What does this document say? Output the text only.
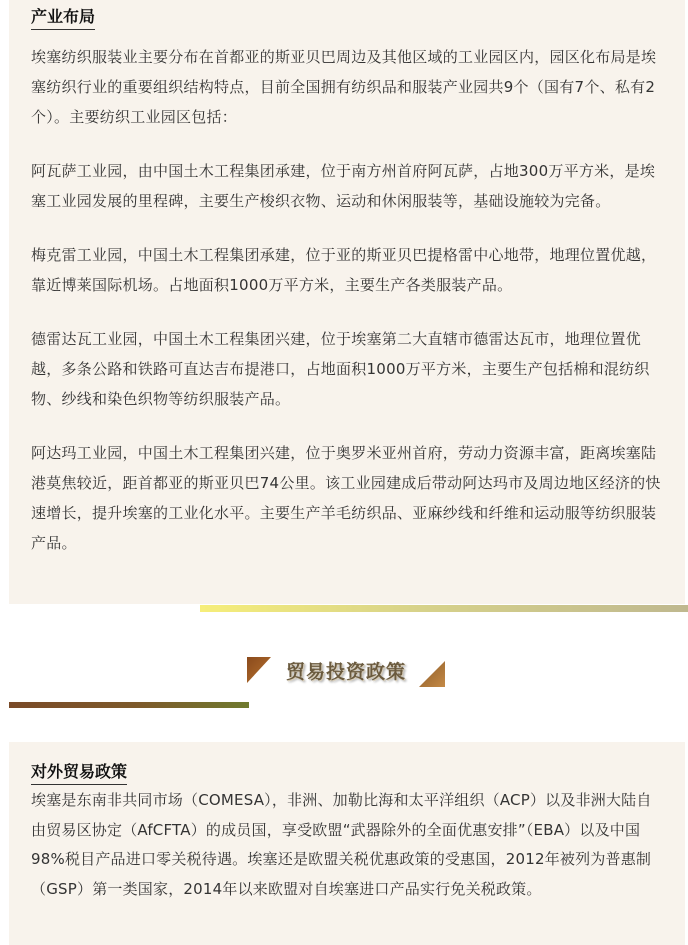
产业布局

埃塞纺织服装业主要分布在首都亚的斯亚贝巴周边及其他区域的工业园区内，园区化布局是埃塞纺织行业的重要组织结构特点，目前全国拥有纺织品和服装产业园共9个（国有7个、私有2个）。主要纺织工业园区包括：

阿瓦萨工业园，由中国土木工程集团承建，位于南方州首府阿瓦萨，占地300万平方米，是埃塞工业园发展的里程碑，主要生产梭织衣物、运动和休闲服装等，基础设施较为完备。

梅克雷工业园，中国土木工程集团承建，位于亚的斯亚贝巴提格雷中心地带，地理位置优越，靠近博莱国际机场。占地面积1000万平方米，主要生产各类服装产品。

德雷达瓦工业园，中国土木工程集团兴建，位于埃塞第二大直辖市德雷达瓦市，地理位置优越，多条公路和铁路可直达吉布提港口，占地面积1000万平方米，主要生产包括棉和混纺织物、纱线和染色织物等纺织服装产品。

阿达玛工业园，中国土木工程集团兴建，位于奥罗米亚州首府，劳动力资源丰富，距离埃塞陆港莫焦较近，距首都亚的斯亚贝巴74公里。该工业园建成后带动阿达玛市及周边地区经济的快速增长，提升埃塞的工业化水平。主要生产羊毛纺织品、亚麻纱线和纤维和运动服等纺织服装产品。

贸易投资政策
对外贸易政策

埃塞是东南非共同市场（COMESA），非洲、加勒比海和太平洋组织（ACP）以及非洲大陆自由贸易区协定（AfCFTA）的成员国，享受欧盟“武器除外的全面优惠安排”（EBA）以及中国98%税目产品进口零关税待遇。埃塞还是欧盟关税优惠政策的受惠国，2012年被列为普惠制（GSP）第一类国家，2014年以来欧盟对自埃塞进口产品实行免关税政策。
